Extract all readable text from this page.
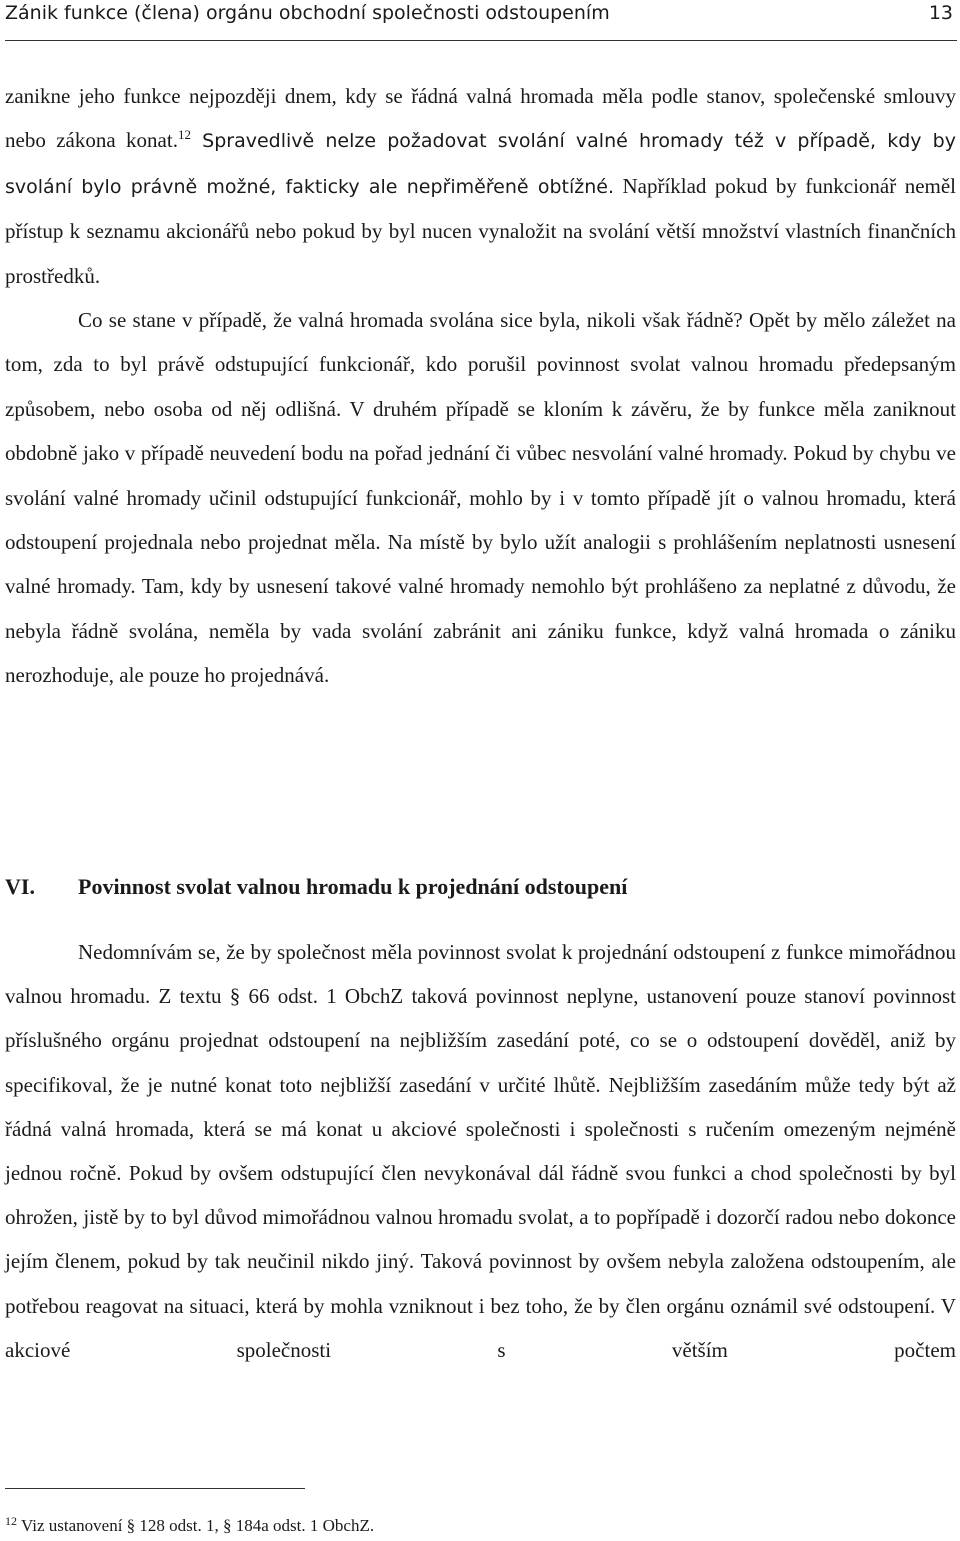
Zánik funkce (člena) orgánu obchodní společnosti odstoupením	13

zanikne jeho funkce nejpozději dnem, kdy se řádná valná hromada měla podle stanov, společenské smlouvy nebo zákona konat.$^{12}$ Spravedlivě nelze požadovat svolání valné hromady též v případě, kdy by svolání bylo právně možné, fakticky ale nepřiměřeně obtížné. Například pokud by funkcionář neměl přístup k seznamu akcionářů nebo pokud by byl nucen vynaložit na svolání větší množství vlastních finančních prostředků.

Co se stane v případě, že valná hromada svolána sice byla, nikoli však řádně? Opět by mělo záležet na tom, zda to byl právě odstupující funkcionář, kdo porušil povinnost svolat valnou hromadu předepsaným způsobem, nebo osoba od něj odlišná. V druhém případě se kloním k závěru, že by funkce měla zaniknout obdobně jako v případě neuvedení bodu na pořad jednání či vůbec nesvolání valné hromady. Pokud by chybu ve svolání valné hromady učinil odstupující funkcionář, mohlo by i v tomto případě jít o valnou hromadu, která odstoupení projednala nebo projednat měla. Na místě by bylo užít analogii s prohlášením neplatnosti usnesení valné hromady. Tam, kdy by usnesení takové valné hromady nemohlo být prohlášeno za neplatné z důvodu, že nebyla řádně svolána, neměla by vada svolání zabránit ani zániku funkce, když valná hromada o zániku nerozhoduje, ale pouze ho projednává.

VI. Povinnost svolat valnou hromadu k projednání odstoupení

Nedomnívám se, že by společnost měla povinnost svolat k projednání odstoupení z funkce mimořádnou valnou hromadu. Z textu § 66 odst. 1 ObchZ taková povinnost neplyne, ustanovení pouze stanoví povinnost příslušného orgánu projednat odstoupení na nejbližším zasedání poté, co se o odstoupení dověděl, aniž by specifikoval, že je nutné konat toto nejbližší zasedání v určité lhůtě. Nejbližším zasedáním může tedy být až řádná valná hromada, která se má konat u akciové společnosti i společnosti s ručením omezeným nejméně jednou ročně. Pokud by ovšem odstupující člen nevykonával dál řádně svou funkci a chod společnosti by byl ohrožen, jistě by to byl důvod mimořádnou valnou hromadu svolat, a to popřípadě i dozorčí radou nebo dokonce jejím členem, pokud by tak neučinil nikdo jiný. Taková povinnost by ovšem nebyla založena odstoupením, ale potřebou reagovat na situaci, která by mohla vzniknout i bez toho, že by člen orgánu oznámil své odstoupení. V akciové společnosti s větším počtem

$^{12}$ Viz ustanovení § 128 odst. 1, § 184a odst. 1 ObchZ.
